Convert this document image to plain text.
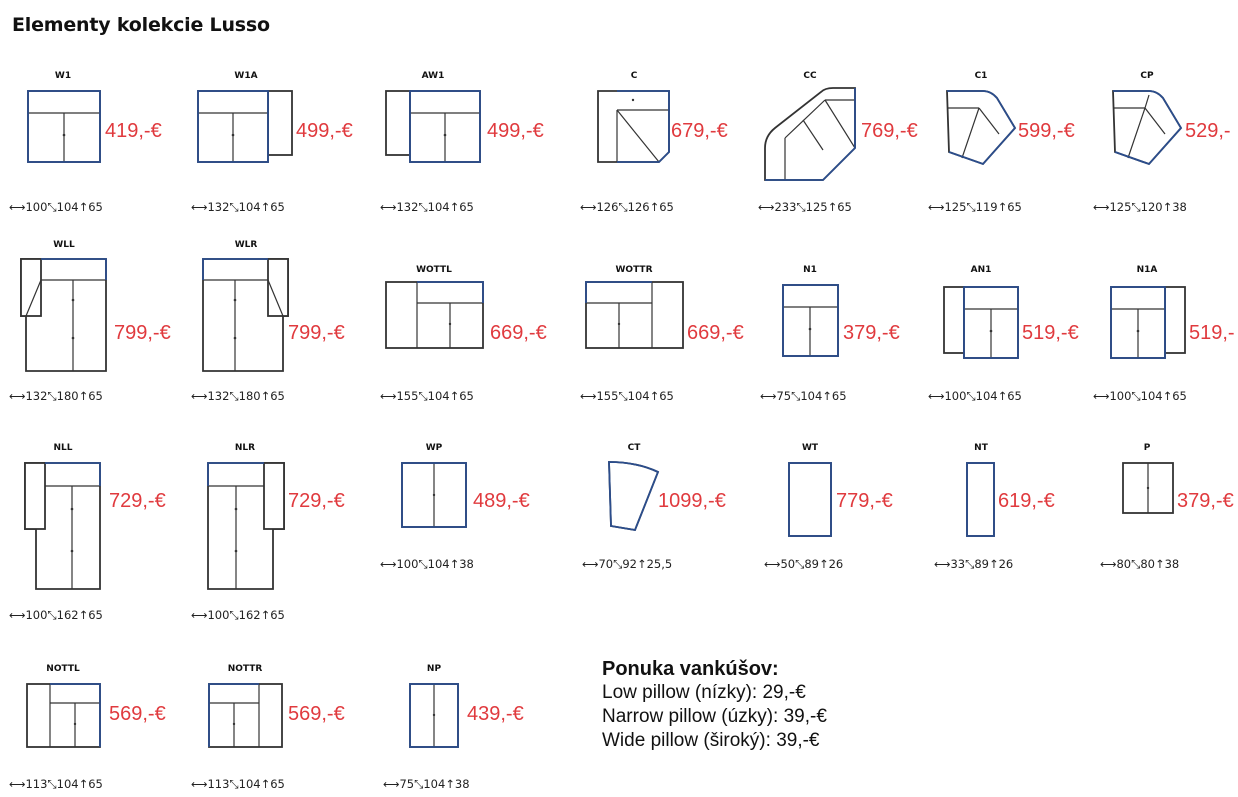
Elementy kolekcie Lusso
W1
419,-€
⟷100⤡104↑65
W1A
499,-€
⟷132⤡104↑65
AW1
499,-€
⟷132⤡104↑65
C
679,-€
⟷126⤡126↑65
CC
769,-€
⟷233⤡125↑65
C1
599,-€
⟷125⤡119↑65
CP
529,-
⟷125⤡120↑38
WLL
799,-€
⟷132⤡180↑65
WLR
799,-€
⟷132⤡180↑65
WOTTL
669,-€
⟷155⤡104↑65
WOTTR
669,-€
⟷155⤡104↑65
N1
379,-€
⟷75⤡104↑65
AN1
519,-€
⟷100⤡104↑65
N1A
519,-
⟷100⤡104↑65
NLL
729,-€
⟷100⤡162↑65
NLR
729,-€
⟷100⤡162↑65
WP
489,-€
⟷100⤡104↑38
CT
1099,-€
⟷70⤡92↑25,5
WT
779,-€
⟷50⤡89↑26
NT
619,-€
⟷33⤡89↑26
P
379,-€
⟷80⤡80↑38
NOTTL
569,-€
⟷113⤡104↑65
NOTTR
569,-€
⟷113⤡104↑65
NP
439,-€
⟷75⤡104↑38
Ponuka vankúšov:
Low pillow (nízky): 29,-€
Narrow pillow (úzky): 39,-€
Wide pillow (široký): 39,-€
